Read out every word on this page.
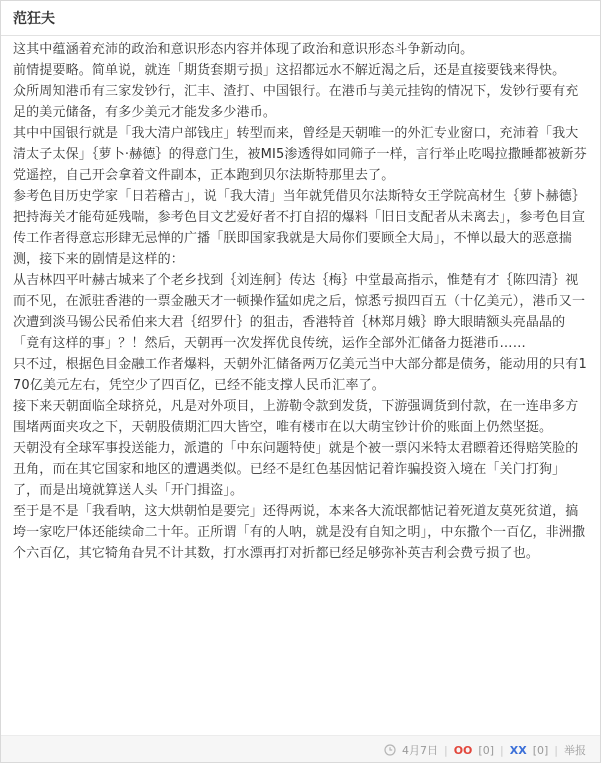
范狂夫

这其中蕴涵着充沛的政治和意识形态内容并体现了政治和意识形态斗争新动向。

前情提要略。简单说，就连「期货套期亏损」这招都远水不解近渴之后，还是直接要钱来得快。

众所周知港币有三家发钞行，汇丰、渣打、中国银行。在港币与美元挂钩的情况下，发钞行要有充足的美元储备，有多少美元才能发多少港币。

其中中国银行就是「我大清户部钱庄」转型而来，曾经是天朝唯一的外汇专业窗口，充沛着「我大清太子太保」｛萝卜·赫德｝的得意门生，被MI5渗透得如同筛子一样，言行举止吃喝拉撒睡都被新芬党遥控，自己开会拿着文件副本，正本跑到贝尔法斯特那里去了。

参考色目历史学家「日若稽古」，说「我大清」当年就凭借贝尔法斯特女王学院高材生｛萝卜赫德｝把持海关才能苟延残喘，参考色目文艺爱好者不打自招的爆料「旧日支配者从未离去」，参考色目宣传工作者得意忘形肆无忌惮的广播「朕即国家我就是大局你们要顾全大局」，不惮以最大的恶意揣测，接下来的剧情是这样的：

从吉林四平叶赫古城来了个老乡找到｛刘连舸｝传达｛梅｝中堂最高指示，惟楚有才｛陈四清｝视而不见，在派驻香港的一票金融天才一顿操作猛如虎之后，惊悉亏损四百五（十亿美元），港币又一次遭到淡马锡公民希伯来大君｛绍罗什｝的狙击，香港特首｛林郑月娥｝睁大眼睛额头亮晶晶的「竟有这样的事」？！然后，天朝再一次发挥优良传统，运作全部外汇储备力挺港币……

只不过，根据色目金融工作者爆料，天朝外汇储备两万亿美元当中大部分都是债务，能动用的只有170亿美元左右，凭空少了四百亿，已经不能支撑人民币汇率了。

接下来天朝面临全球挤兑，凡是对外项目，上游勒令款到发货，下游强调货到付款，在一连串多方围堵两面夹攻之下，天朝股债期汇四大皆空，唯有楼市在以大萌宝钞计价的账面上仍然坚挺。

天朝没有全球军事投送能力，派遣的「中东问题特使」就是个被一票闪米特太君瞟着还得赔笑脸的丑角，而在其它国家和地区的遭遇类似。已经不是红色基因惦记着诈骗投资入境在「关门打狗」了，而是出境就算送人头「开门揖盗」。

至于是不是「我看呐，这大烘朝怕是要完」还得两说，本来各大流氓都惦记着死道友莫死贫道，搞垮一家吃尸体还能续命二十年。正所谓「有的人呐，就是没有自知之明」，中东撒个一百亿，非洲撒个六百亿，其它犄角旮旯不计其数，打水漂再打对折都已经足够弥补英吉利会费亏损了也。

4月7日 | OO [0] | XX [0] | 举报
